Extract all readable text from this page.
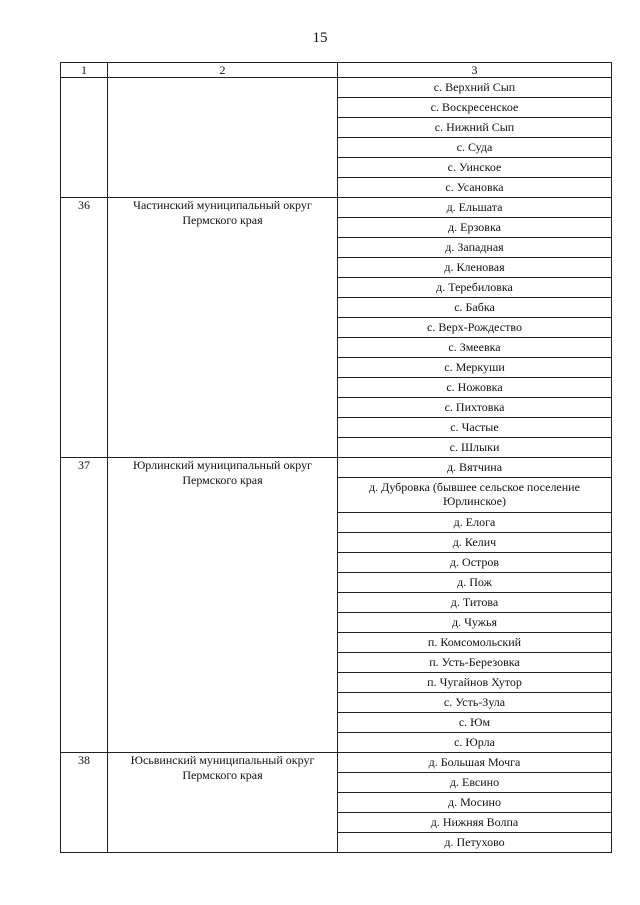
15
1	2	3
		с. Верхний Сып
		с. Воскресенское
		с. Нижний Сып
		с. Суда
		с. Уинское
		с. Усановка
36	Частинский муниципальный округ Пермского края	д. Ельшата
		д. Ерзовка
		д. Западная
		д. Кленовая
		д. Теребиловка
		с. Бабка
		с. Верх-Рождество
		с. Змеевка
		с. Меркуши
		с. Ножовка
		с. Пихтовка
		с. Частые
		с. Шлыки
37	Юрлинский муниципальный округ Пермского края	д. Вятчина
		д. Дубровка (бывшее сельское поселение Юрлинское)
		д. Елога
		д. Келич
		д. Остров
		д. Пож
		д. Титова
		д. Чужья
		п. Комсомольский
		п. Усть-Березовка
		п. Чугайнов Хутор
		с. Усть-Зула
		с. Юм
		с. Юрла
38	Юсьвинский муниципальный округ Пермского края	д. Большая Мочга
		д. Евсино
		д. Мосино
		д. Нижняя Волпа
		д. Петухово
